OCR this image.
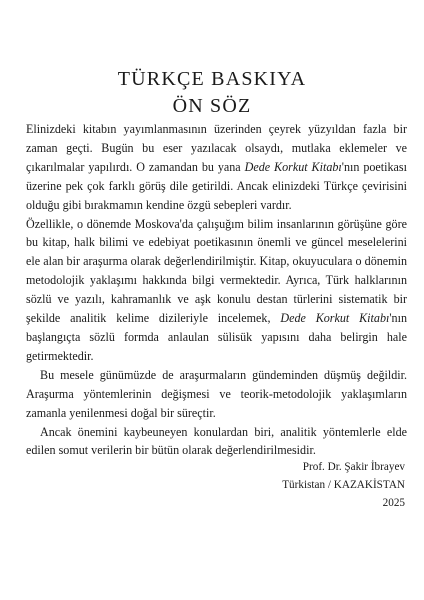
TÜRKÇE BASKIYA
ÖN SÖZ

Elinizdeki kitabın yayımlanmasının üzerinden çeyrek yüzyıldan fazla bir zaman geçti. Bugün bu eser yazılacak olsaydı, mutlaka eklemeler ve çıkarılmalar yapılırdı. O zamandan bu yana Dede Korkut Kitabı'nın poetikası üzerine pek çok farklı görüş dile getirildi. Ancak elinizdeki Türkçe çevirisini olduğu gibi bırakmamın kendine özgü sebepleri vardır.

Özellikle, o dönemde Moskova'da çalışuğım bilim insanlarının görüşüne göre bu kitap, halk bilimi ve edebiyat poetikasının önemli ve güncel meselelerini ele alan bir araşurma olarak değerlendirilmiştir. Kitap, okuyuculara o dönemin metodolojik yaklaşımı hakkında bilgi vermektedir. Ayrıca, Türk halklarının sözlü ve yazılı, kahramanlık ve aşk konulu destan türlerini sistematik bir şekilde analitik kelime dizileriyle incelemek, Dede Korkut Kitabı'nın başlangıçta sözlü formda anlaulan sülisük yapısını daha belirgin hale getirmektedir.

Bu mesele günümüzde de araşurmaların gündeminden düşmüş değildir. Araşurma yöntemlerinin değişmesi ve teorik-metodolojik yaklaşımların zamanla yenilenmesi doğal bir süreçtir.

Ancak önemini kaybeuneyen konulardan biri, analitik yöntemlerle elde edilen somut verilerin bir bütün olarak değerlendirilmesidir.

Prof. Dr. Şakir İbrayev
Türkistan / KAZAKİSTAN
2025
